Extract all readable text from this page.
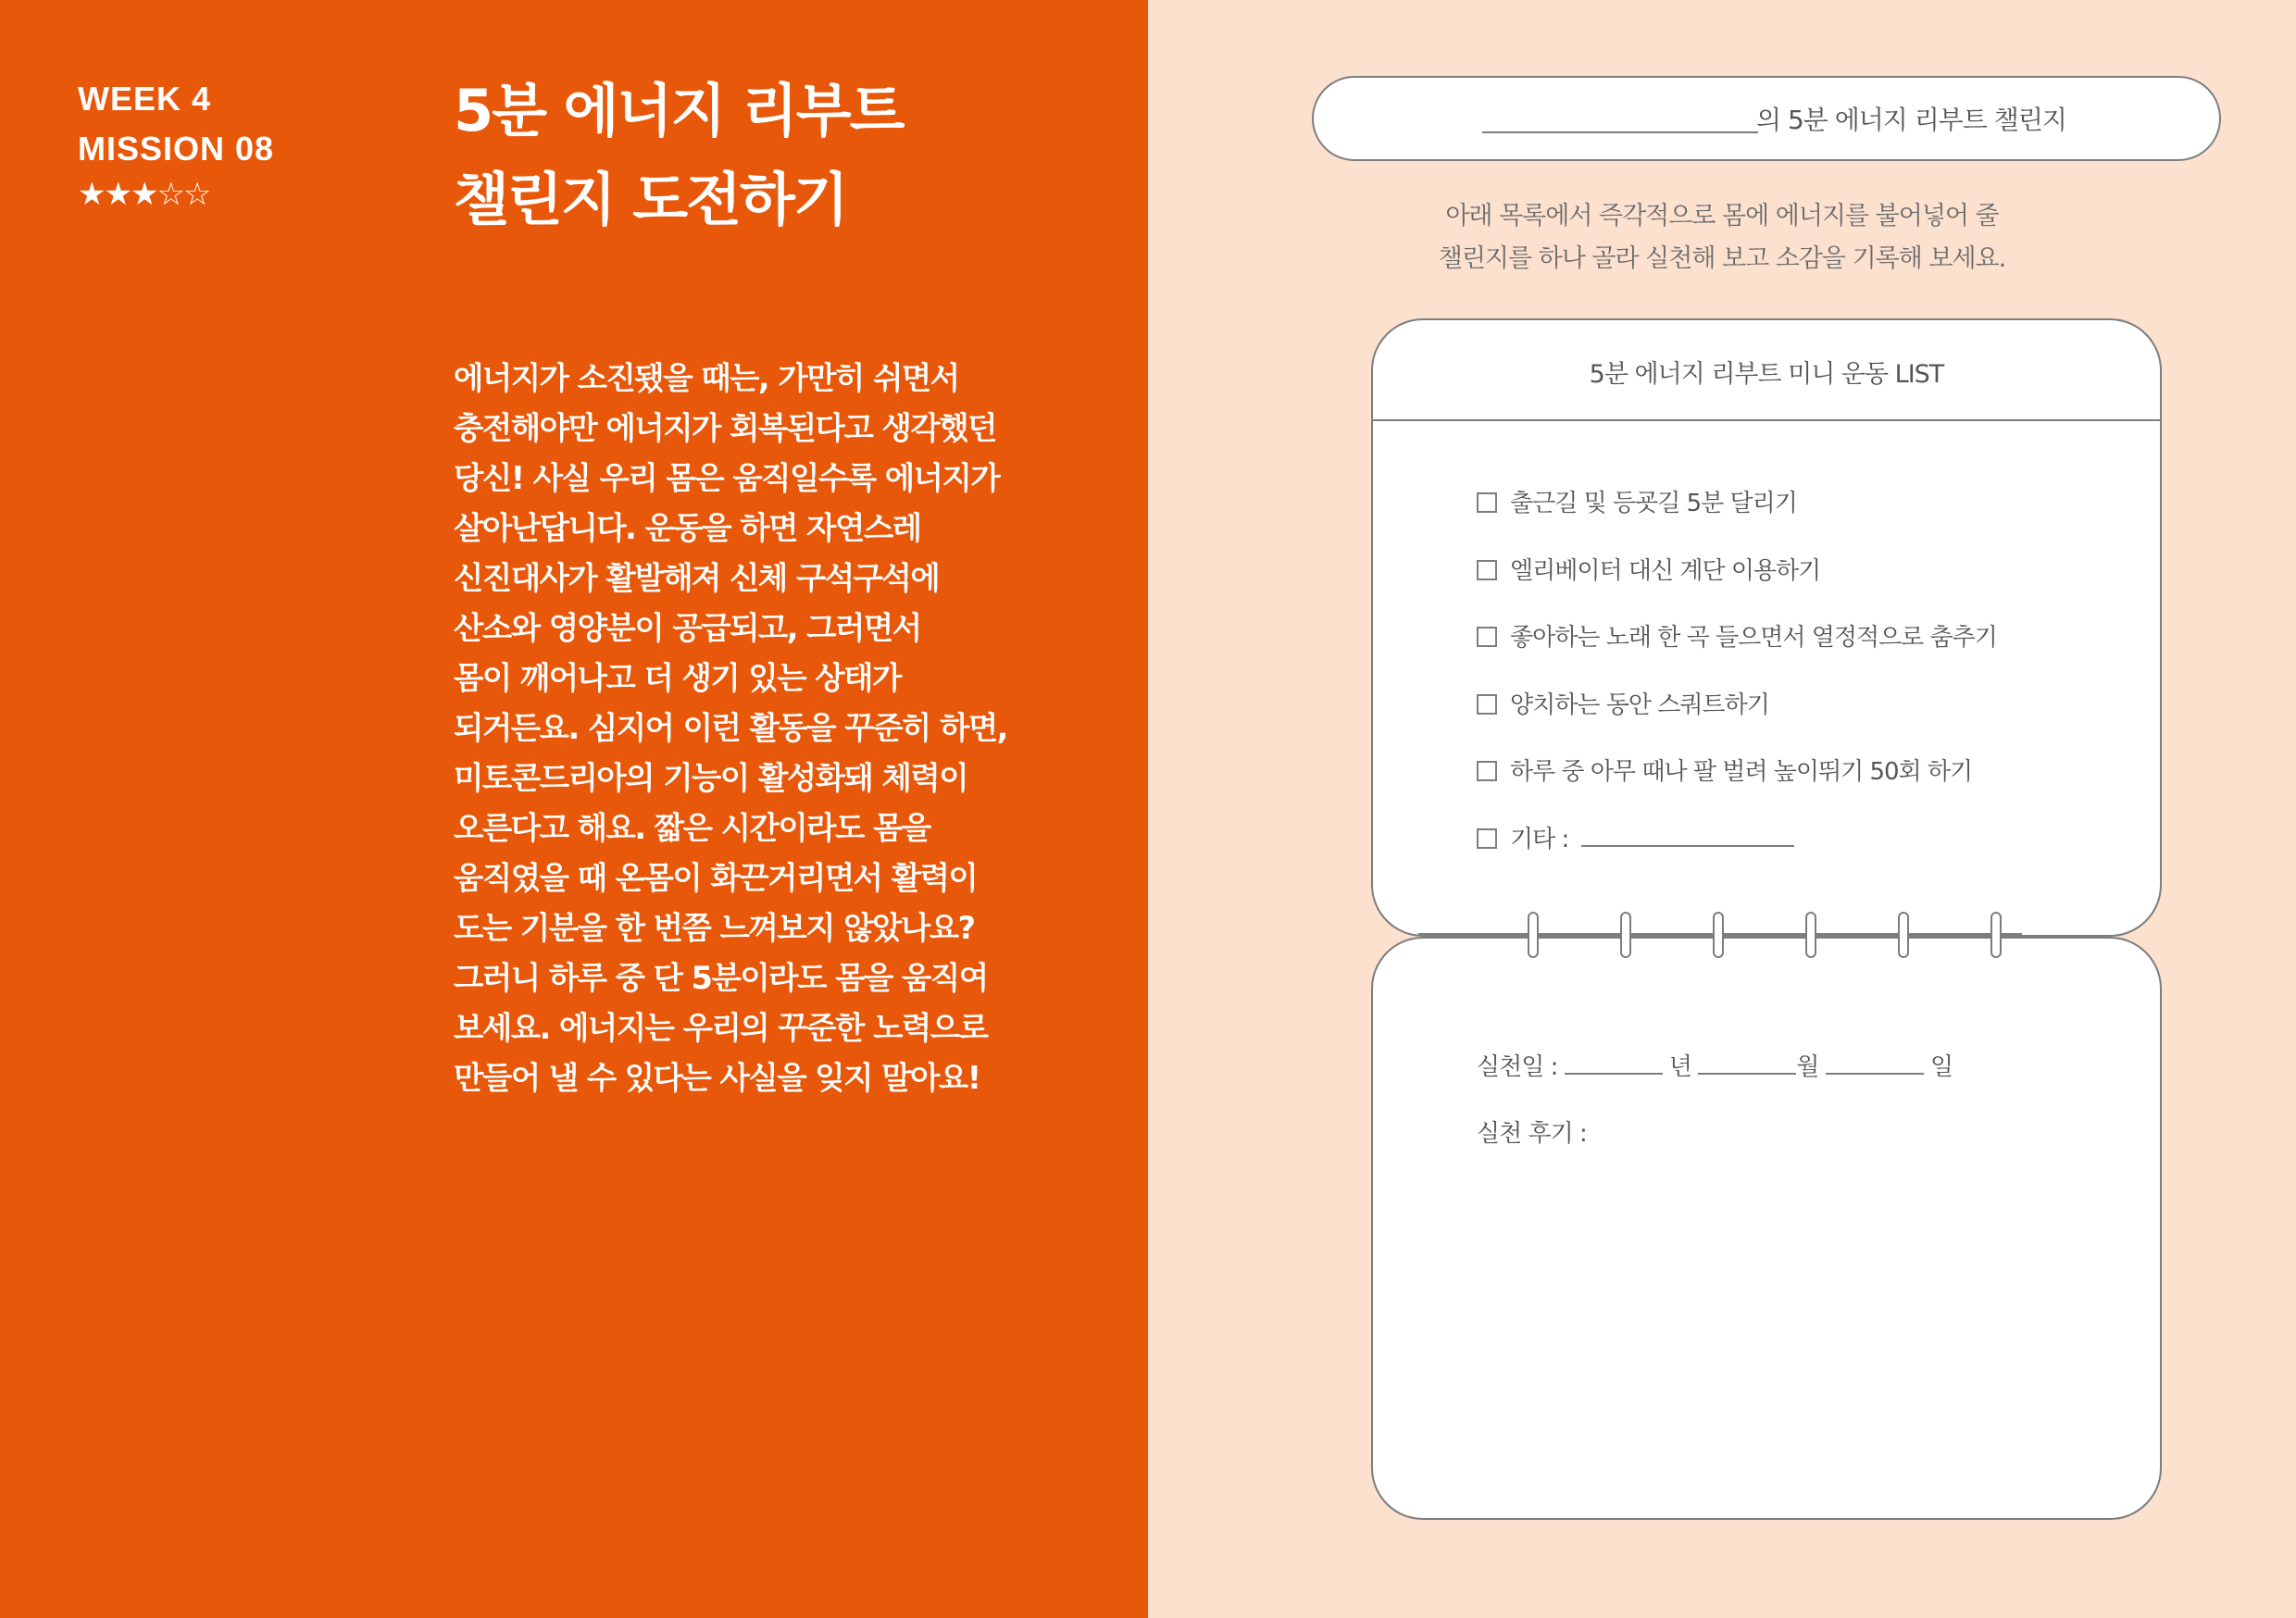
WEEK 4
MISSION 08
★★★☆☆
5분 에너지 리부트
챌린지 도전하기
에너지가 소진됐을 때는, 가만히 쉬면서
충전해야만 에너지가 회복된다고 생각했던
당신! 사실 우리 몸은 움직일수록 에너지가
살아난답니다. 운동을 하면 자연스레
신진대사가 활발해져 신체 구석구석에
산소와 영양분이 공급되고, 그러면서
몸이 깨어나고 더 생기 있는 상태가
되거든요. 심지어 이런 활동을 꾸준히 하면,
미토콘드리아의 기능이 활성화돼 체력이
오른다고 해요. 짧은 시간이라도 몸을
움직였을 때 온몸이 화끈거리면서 활력이
도는 기분을 한 번쯤 느껴보지 않았나요?
그러니 하루 중 단 5분이라도 몸을 움직여
보세요. 에너지는 우리의 꾸준한 노력으로
만들어 낼 수 있다는 사실을 잊지 말아요!
의 5분 에너지 리부트 챌린지
아래 목록에서 즉각적으로 몸에 에너지를 불어넣어 줄
챌린지를 하나 골라 실천해 보고 소감을 기록해 보세요.
5분 에너지 리부트 미니 운동 LIST
출근길 및 등굣길 5분 달리기
엘리베이터 대신 계단 이용하기
좋아하는 노래 한 곡 들으면서 열정적으로 춤추기
양치하는 동안 스쿼트하기
하루 중 아무 때나 팔 벌려 높이뛰기 50회 하기
기타 :
실천일 :	년	월	일
실천 후기 :
